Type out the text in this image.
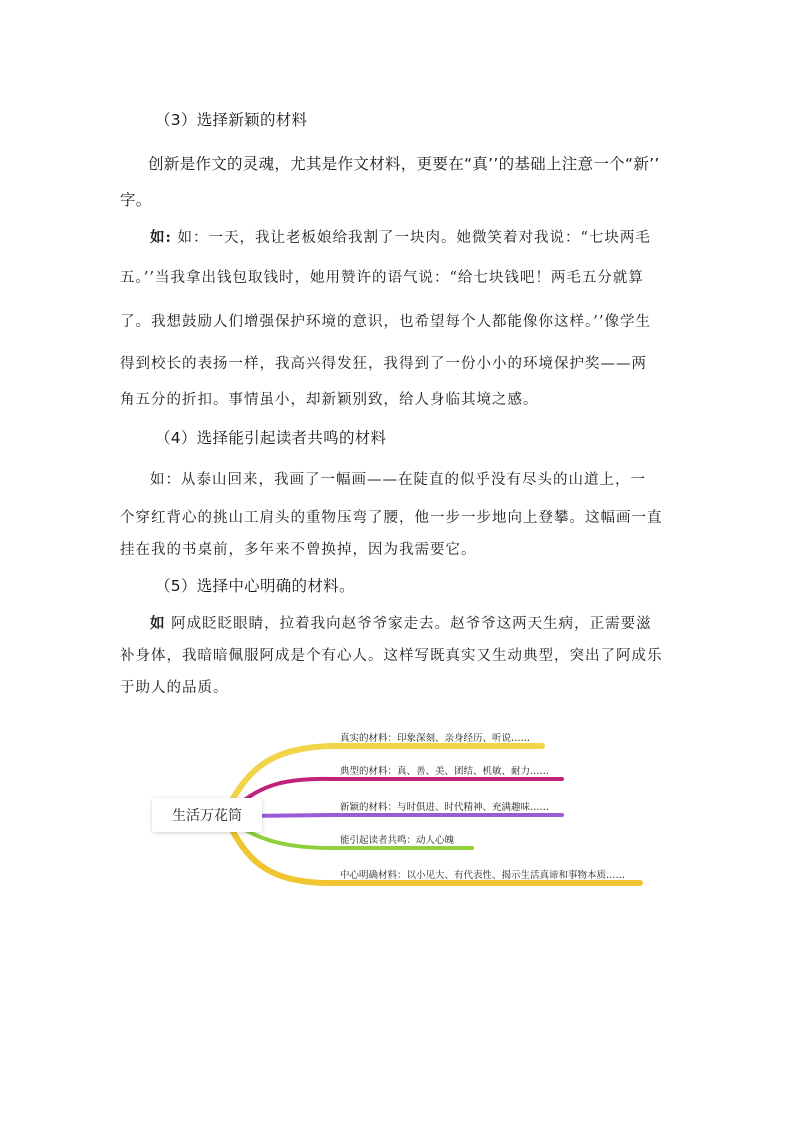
（3）选择新颖的材料
创新是作文的灵魂，尤其是作文材料，更要在“真’’的基础上注意一个“新’’
字。
如: 如：一天，我让老板娘给我割了一块肉。她微笑着对我说：“七块两毛
五。’’当我拿出钱包取钱时，她用赞许的语气说：“给七块钱吧！两毛五分就算
了。我想鼓励人们增强保护环境的意识，也希望每个人都能像你这样。’’像学生
得到校长的表扬一样，我高兴得发狂，我得到了一份小小的环境保护奖——两
角五分的折扣。事情虽小，却新颖别致，给人身临其境之感。
（4）选择能引起读者共鸣的材料
如：从泰山回来，我画了一幅画——在陡直的似乎没有尽头的山道上，一
个穿红背心的挑山工肩头的重物压弯了腰，他一步一步地向上登攀。这幅画一直
挂在我的书桌前，多年来不曾换掉，因为我需要它。
（5）选择中心明确的材料。
如 阿成眨眨眼睛，拉着我向赵爷爷家走去。赵爷爷这两天生病，正需要滋
补身体，我暗暗佩服阿成是个有心人。这样写既真实又生动典型，突出了阿成乐
于助人的品质。
生活万花筒
真实的材料：印象深刻、亲身经历、听说……
典型的材料：真、善、美、团结、机敏、耐力……
新颖的材料：与时俱进、时代精神、充满趣味……
能引起读者共鸣：动人心魄
中心明确材料：以小见大、有代表性、揭示生活真谛和事物本质……
